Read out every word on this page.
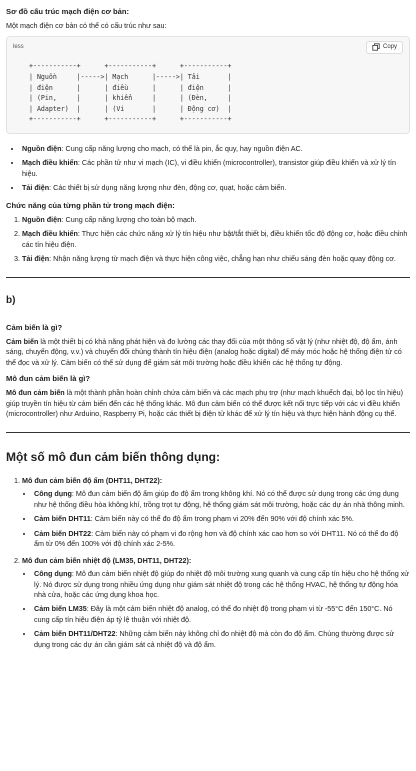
Sơ đồ cấu trúc mạch điện cơ bản:

Một mạch điện cơ bản có thể có cấu trúc như sau:

less	Copy
+-----------+      +-----------+      +-----------+
| Nguồn     |----->| Mạch      |----->| Tải       |
| điện      |      | điều      |      | điện      |
| (Pin,     |      | khiển     |      | (Đèn,     |
| Adapter)  |      | (Vi       |      | Động cơ)  |
+-----------+      +-----------+      +-----------+
• Nguồn điện: Cung cấp năng lượng cho mạch, có thể là pin, ắc quy, hay nguồn điện AC.
• Mạch điều khiển: Các phần tử như vi mạch (IC), vi điều khiển (microcontroller), transistor giúp điều khiển và xử lý tín hiệu.
• Tải điện: Các thiết bị sử dụng năng lượng như đèn, động cơ, quạt, hoặc cảm biến.
Chức năng của từng phần tử trong mạch điện:
1. Nguồn điện: Cung cấp năng lượng cho toàn bộ mạch.
2. Mạch điều khiển: Thực hiện các chức năng xử lý tín hiệu như bật/tắt thiết bị, điều khiển tốc độ động cơ, hoặc điều chỉnh các tín hiệu điện.
3. Tải điện: Nhận năng lượng từ mạch điện và thực hiện công việc, chẳng hạn như chiếu sáng đèn hoặc quay động cơ.
b)
Cảm biến là gì?

Cảm biến là một thiết bị có khả năng phát hiện và đo lường các thay đổi của một thông số vật lý (như nhiệt độ, độ ẩm, ánh sáng, chuyển động, v.v.) và chuyển đổi chúng thành tín hiệu điện (analog hoặc digital) để máy móc hoặc hệ thống điện tử có thể đọc và xử lý. Cảm biến có thể sử dụng để giám sát môi trường hoặc điều khiển các hệ thống tự động.

Mô đun cảm biến là gì?

Mô đun cảm biến là một thành phần hoàn chỉnh chứa cảm biến và các mạch phụ trợ (như mạch khuếch đại, bộ lọc tín hiệu) giúp truyền tín hiệu từ cảm biến đến các hệ thống khác. Mô đun cảm biến có thể được kết nối trực tiếp với các vi điều khiển (microcontroller) như Arduino, Raspberry Pi, hoặc các thiết bị điện tử khác để xử lý tín hiệu và thực hiện hành động cụ thể.

Một số mô đun cảm biến thông dụng:
1. Mô đun cảm biến độ ẩm (DHT11, DHT22):
• Công dụng: Mô đun cảm biến độ ẩm giúp đo độ ẩm trong không khí. Nó có thể được sử dụng trong các ứng dụng như hệ thống điều hòa không khí, trồng trọt tự động, hệ thống giám sát môi trường, hoặc các dự án nhà thông minh.
• Cảm biến DHT11: Cảm biến này có thể đo độ ẩm trong phạm vi 20% đến 90% với độ chính xác 5%.
• Cảm biến DHT22: Cảm biến này có phạm vi đo rộng hơn và độ chính xác cao hơn so với DHT11. Nó có thể đo độ ẩm từ 0% đến 100% với độ chính xác 2-5%.
2. Mô đun cảm biến nhiệt độ (LM35, DHT11, DHT22):
• Công dụng: Mô đun cảm biến nhiệt độ giúp đo nhiệt độ môi trường xung quanh và cung cấp tín hiệu cho hệ thống xử lý. Nó được sử dụng trong nhiều ứng dụng như giám sát nhiệt độ trong các hệ thống HVAC, hệ thống tự động hóa nhà cửa, hoặc các ứng dụng khoa học.
• Cảm biến LM35: Đây là một cảm biến nhiệt độ analog, có thể đo nhiệt độ trong phạm vi từ -55°C đến 150°C. Nó cung cấp tín hiệu điện áp tỷ lệ thuận với nhiệt độ.
• Cảm biến DHT11/DHT22: Những cảm biến này không chỉ đo nhiệt độ mà còn đo độ ẩm. Chúng thường được sử dụng trong các dự án cần giám sát cả nhiệt độ và độ ẩm.
